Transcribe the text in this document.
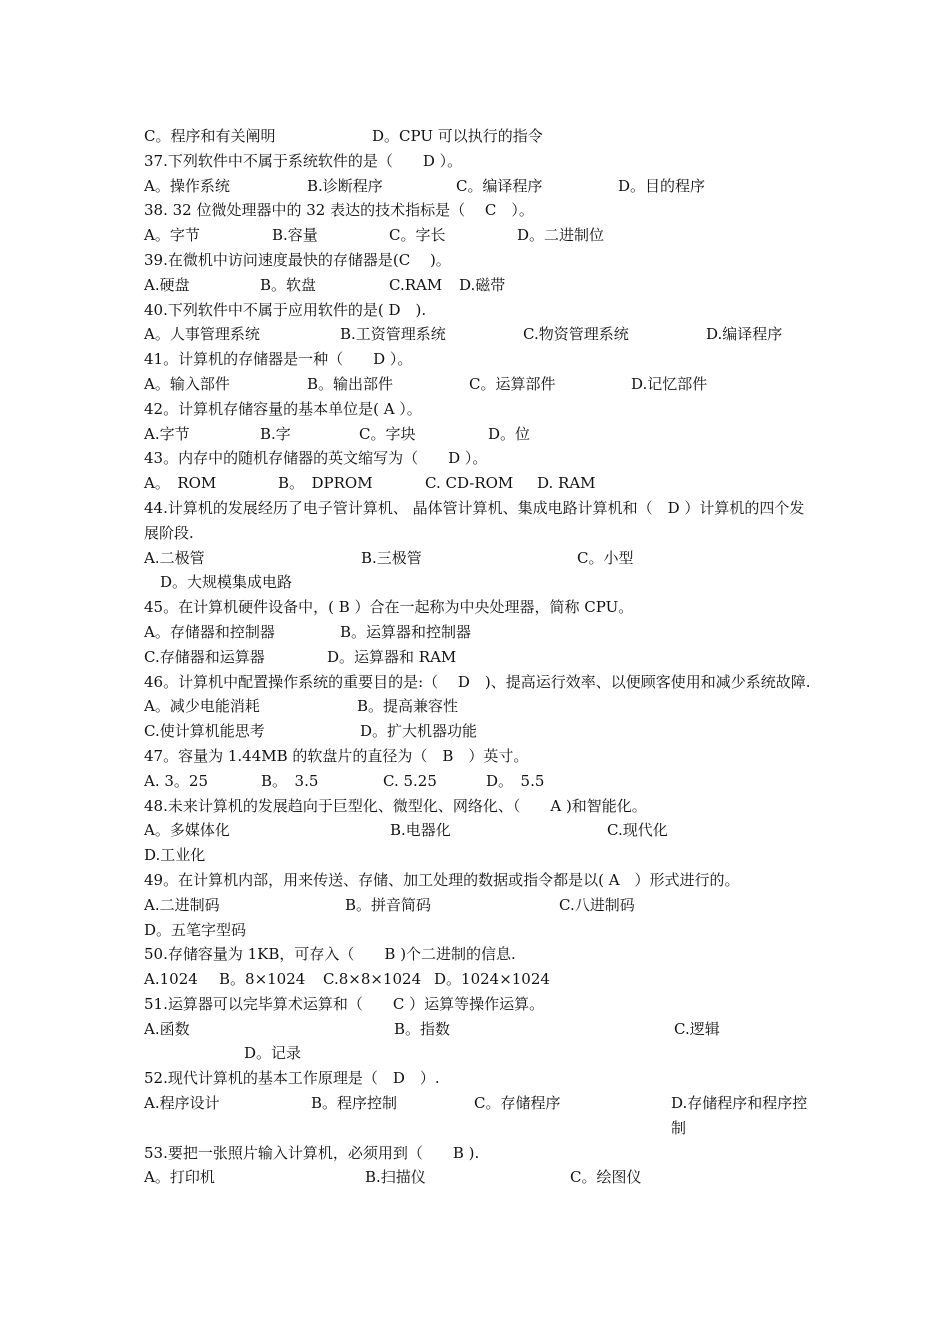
C。程序和有关阐明	D。CPU 可以执行的指令
37.下列软件中不属于系统软件的是（　　D ）。
A。操作系统	B.诊断程序	C。编译程序	D。目的程序
38. 32 位微处理器中的 32 表达的技术指标是（　 C　）。
A。字节	B.容量	C。字长	D。二进制位
39.在微机中访问速度最快的存储器是(C　 )。
A.硬盘	B。软盘	C.RAM D.磁带
40.下列软件中不属于应用软件的是( D　).
A。人事管理系统	B.工资管理系统	C.物资管理系统	D.编译程序
41。计算机的存储器是一种（　　D ）。
A。输入部件	B。输出部件	C。运算部件	D.记忆部件
42。计算机存储容量的基本单位是( A ）。
A.字节	B.字	C。字块	D。位
43。内存中的随机存储器的英文缩写为（　　D ）。
A。　ROM	B。　DPROM	C. CD-ROM D. RAM
44.计算机的发展经历了电子管计算机、 晶体管计算机、集成电路计算机和（　D ）计算机的四个发展阶段.
A.二极管	B.三极管	C。小型
D。大规模集成电路
45。在计算机硬件设备中，( B ）合在一起称为中央处理器，简称 CPU。
A。存储器和控制器	B。运算器和控制器
C.存储器和运算器	D。运算器和 RAM
46。计算机中配置操作系统的重要目的是:（　 D　)、提高运行效率、以便顾客使用和减少系统故障.
A。减少电能消耗	B。提高兼容性
C.使计算机能思考	D。扩大机器功能
47。容量为 1.44MB 的软盘片的直径为（　B　）英寸。
A. 3。25	B。　3.5	C. 5.25	D。　5.5
48.未来计算机的发展趋向于巨型化、微型化、网络化、（　　A )和智能化。
A。多媒体化	B.电器化	C.现代化
D.工业化
49。在计算机内部，用来传送、存储、加工处理的数据或指令都是以( A　）形式进行的。
A.二进制码	B。拼音简码	C.八进制码
D。五笔字型码
50.存储容量为 1KB，可存入（　　B )个二进制的信息.
A.1024 B。8×1024 C.8×8×1024 D。1024×1024
51.运算器可以完毕算术运算和（　　C ）运算等操作运算。
A.函数	B。指数	C.逻辑
D。记录
52.现代计算机的基本工作原理是（　D　）.
A.程序设计	B。程序控制	C。存储程序	D.存储程序和程序控制
53.要把一张照片输入计算机，必须用到（　　B ).
A。打印机	B.扫描仪	C。绘图仪
